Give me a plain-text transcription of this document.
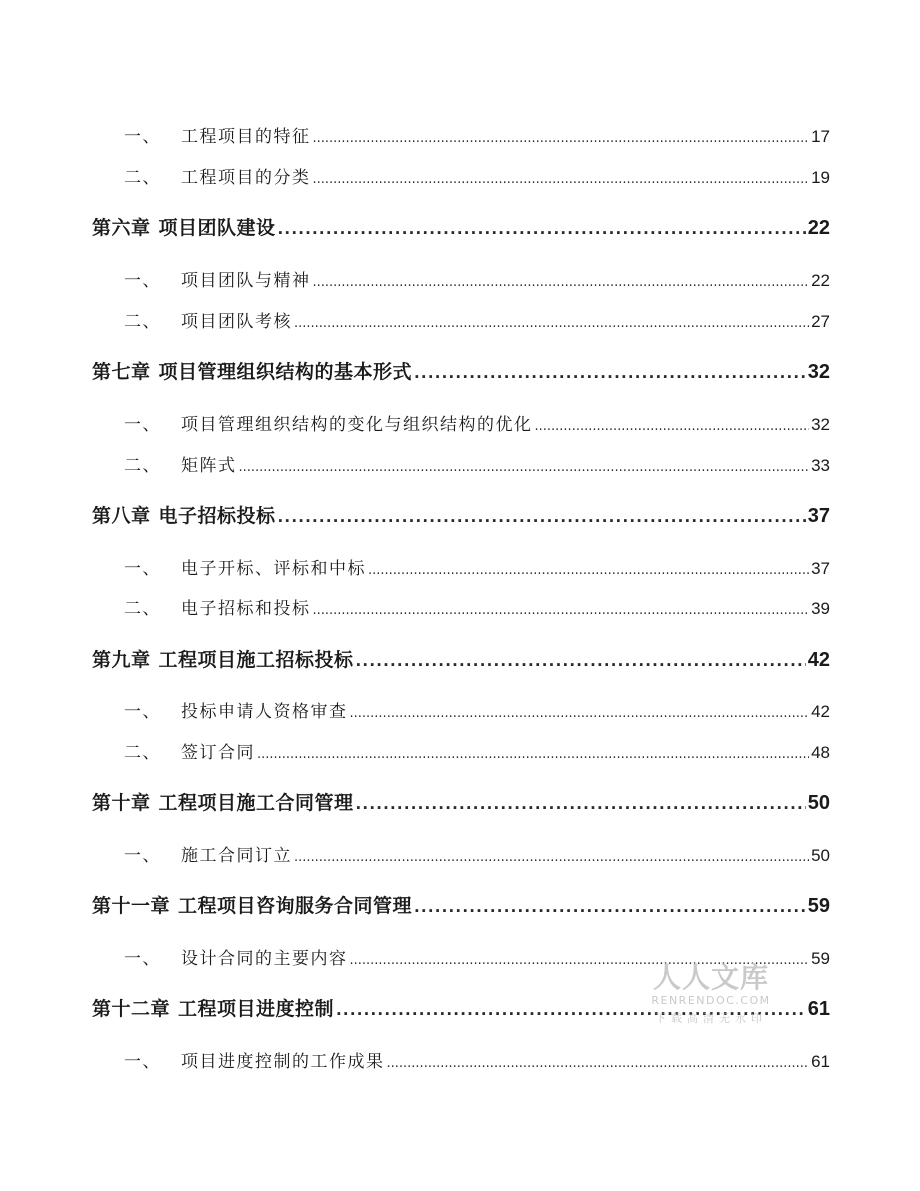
一、 工程项目的特征 .....	17
二、 工程项目的分类 .....	19
第六章 项目团队建设 .....	22
一、 项目团队与精神 .....	22
二、 项目团队考核 .....	27
第七章 项目管理组织结构的基本形式 .....	32
一、 项目管理组织结构的变化与组织结构的优化 .....	32
二、 矩阵式 .....	33
第八章 电子招标投标 .....	37
一、 电子开标、评标和中标 .....	37
二、 电子招标和投标 .....	39
第九章 工程项目施工招标投标 .....	42
一、 投标申请人资格审查 .....	42
二、 签订合同 .....	48
第十章 工程项目施工合同管理 .....	50
一、 施工合同订立 .....	50
第十一章 工程项目咨询服务合同管理 .....	59
一、 设计合同的主要内容 .....	59
第十二章 工程项目进度控制 .....	61
一、 项目进度控制的工作成果 .....	61
人人文库
RENRENDOC.COM
下载高清无水印
